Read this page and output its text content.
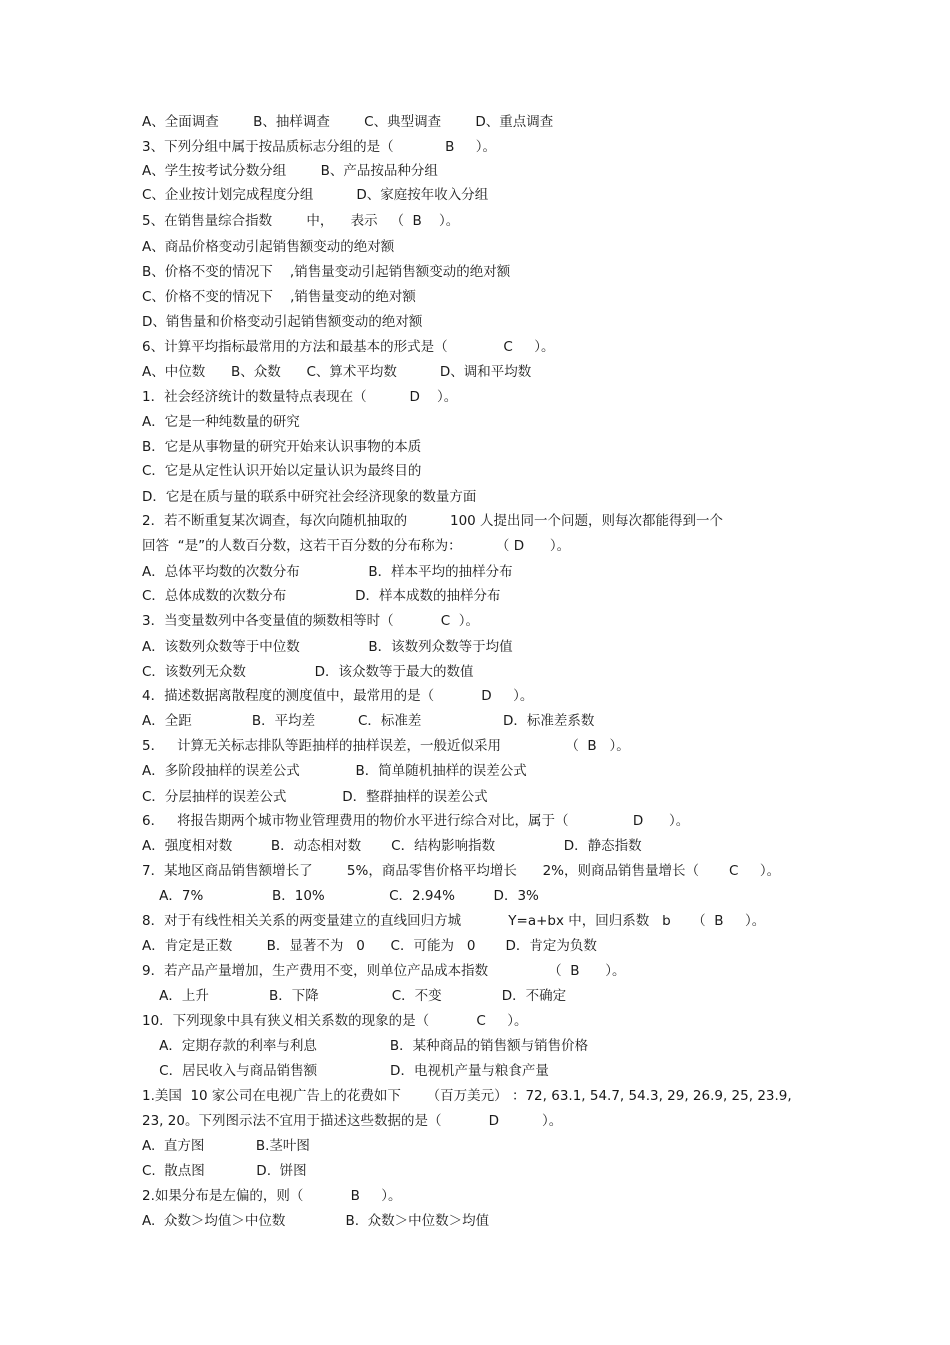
A、全面调查        B、抽样调查        C、典型调查        D、重点调查
3、下列分组中属于按品质标志分组的是（            B     ）。
A、学生按考试分数分组        B、产品按品种分组
C、企业按计划完成程度分组          D、家庭按年收入分组
5、在销售量综合指数        中，    表示   （  B    ）。
A、商品价格变动引起销售额变动的绝对额
B、价格不变的情况下    ,销售量变动引起销售额变动的绝对额
C、价格不变的情况下    ,销售量变动的绝对额
D、销售量和价格变动引起销售额变动的绝对额
6、计算平均指标最常用的方法和最基本的形式是（             C     ）。
A、中位数      B、众数      C、算术平均数          D、调和平均数
1．社会经济统计的数量特点表现在（          D    ）。
A．它是一种纯数量的研究
B．它是从事物量的研究开始来认识事物的本质
C．它是从定性认识开始以定量认识为最终目的
D．它是在质与量的联系中研究社会经济现象的数量方面
2．若不断重复某次调查，每次向随机抽取的          100 人提出同一个问题，则每次都能得到一个
回答  “是”的人数百分数，这若干百分数的分布称为：        （ D      ）。
A．总体平均数的次数分布                B．样本平均的抽样分布
C．总体成数的次数分布                D．样本成数的抽样分布
3．当变量数列中各变量值的频数相等时（           C  ）。
A．该数列众数等于中位数                B．该数列众数等于均值
C．该数列无众数                D．该众数等于最大的数值
4．描述数据离散程度的测度值中，最常用的是（           D     ）。
A．全距              B．平均差          C．标准差                   D．标准差系数
5．   计算无关标志排队等距抽样的抽样误差，一般近似采用               （  B   ）。
A．多阶段抽样的误差公式             B．简单随机抽样的误差公式
C．分层抽样的误差公式             D．整群抽样的误差公式
6．   将报告期两个城市物业管理费用的物价水平进行综合对比，属于（               D      ）。
A．强度相对数         B．动态相对数       C．结构影响指数                D．静态指数
7．某地区商品销售额增长了        5%，商品零售价格平均增长      2%，则商品销售量增长（       C     ）。
A．7%                B．10%               C．2.94%         D．3%
8．对于有线性相关关系的两变量建立的直线回归方城           Y=a+bx 中，回归系数   b     （  B     ）。
A．肯定是正数        B．显著不为   0      C．可能为   0       D．肯定为负数
9．若产品产量增加，生产费用不变，则单位产品成本指数              （  B      ）。
A．上升              B．下降                 C．不变              D．不确定
10．下列现象中具有狭义相关系数的现象的是（           C     ）。
A．定期存款的利率与利息                 B．某种商品的销售额与销售价格
C．居民收入与商品销售额                 D．电视机产量与粮食产量
1.美国  10 家公司在电视广告上的花费如下      （百万美元） ：72, 63.1, 54.7, 54.3, 29, 26.9, 25, 23.9,
23, 20。下列图示法不宜用于描述这些数据的是（           D          ）。
A.  直方图            B.茎叶图
C.  散点图            D.  饼图
2.如果分布是左偏的，则（           B     ）。
A.  众数＞均值＞中位数              B.  众数＞中位数＞均值
